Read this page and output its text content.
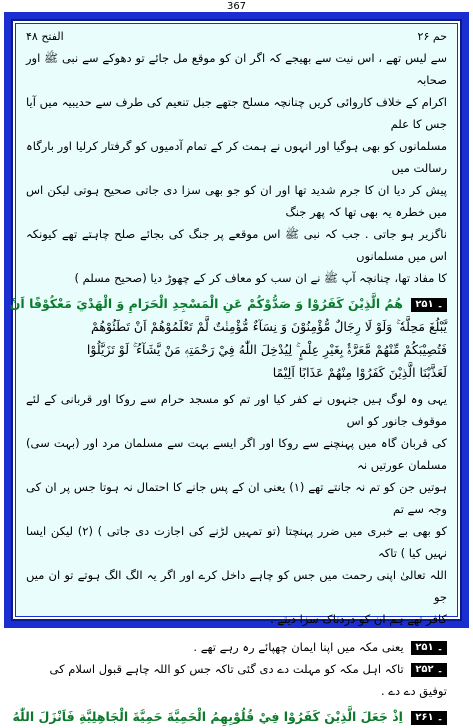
367
حم ۲۶
الفتح ۴۸

سے لیس تھے ، اس نیت سے بھیجے کہ اگر ان کو موقع مل جائے تو دھوکے سے نبی ﷺ اور صحابہ

اکرام کے خلاف کاروائی کریں چنانچہ مسلح جتھے جبل تنعیم کی طرف سے حدیبیہ میں آیا جس کا علم

مسلمانوں کو بھی ہوگیا اور انہوں نے ہمت کر کے تمام آدمیوں کو گرفتار کرلیا اور بارگاہ رسالت میں

پیش کر دیا ان کا جرم شدید تھا اور ان کو جو بھی سزا دی جاتی صحیح ہوتی لیکن اس میں خطرہ یہ بھی تھا کہ پھر جنگ

ناگزیر ہو جاتی . جب کہ نبی ﷺ اس موقعے پر جنگ کی بجائے صلح چاہتے تھے کیونکہ اس میں مسلمانوں

کا مفاد تھا، چنانچہ آپ ﷺ نے ان سب کو معاف کر کے چھوڑ دیا (صحیح مسلم )

۲۵۔ ۱ هُمُ الَّذِيْنَ كَفَرُوْا وَ صَدُّوْكُمْ عَنِ الْمَسْجِدِ الْحَرَامِ وَ الْهَدْيَ مَعْكُوْفًا اَنْ
يَّبْلُغَ مَحِلَّهٗ ۚ وَلَوْ لَا رِجَالٌ مُّؤْمِنُوْنَ وَ نِسَآءٌ مُّؤْمِنٰتٌ لَّمْ تَعْلَمُوْهُمْ اَنْ تَطَئُوْهُمْ
فَتُصِيْبَكُمْ مِّنْهُمْ مَّعَرَّةٌۢ بِغَيْرِ عِلْمٍ ۚ لِيُدْخِلَ اللّٰهُ فِيْ رَحْمَتِهٖ مَنْ يَّشَآءُ ۚ لَوْ تَزَيَّلُوْا
لَعَذَّبْنَا الَّذِيْنَ كَفَرُوْا مِنْهُمْ عَذَابًا اَلِيْمًا

یہی وہ لوگ ہیں جنہوں نے کفر کیا اور تم کو مسجد حرام سے روکا اور قربانی کے لئے موقوف جانور کو اس

کی قربان گاہ میں پہنچنے سے روکا اور اگر ایسے بہت سے مسلمان مرد اور (بہت سی) مسلمان عورتیں نہ

ہوتیں جن کو تم نہ جانتے تھے (۱) یعنی ان کے پس جانے کا احتمال نہ ہوتا جس پر ان کی وجہ سے تم

کو بھی بے خبری میں ضرر پہنچتا (تو تمہیں لڑنے کی اجازت دی جاتی ) (۲) لیکن ایسا نہیں کیا ) تاکہ

اللہ تعالیٰ اپنی رحمت میں جس کو چاہے داخل کرے اور اگر یہ الگ الگ ہوتے تو ان میں جو

کافر تھے ہم ان کو دردناک سزا دیتے .

۲۵۔ ۱ یعنی مکہ میں اپنا ایمان چھپائے رہ رہے تھے .

۲۵۔ ۲ تاکہ اہل مکہ کو مہلت دے دی گئی تاکہ جس کو اللہ چاہے قبول اسلام کی توفیق دے دے .

۲۶۔ ۱ اِذْ جَعَلَ الَّذِيْنَ كَفَرُوْا فِيْ قُلُوْبِهِمُ الْحَمِيَّةَ حَمِيَّةَ الْجَاهِلِيَّةِ فَاَنْزَلَ اللّٰهُ
